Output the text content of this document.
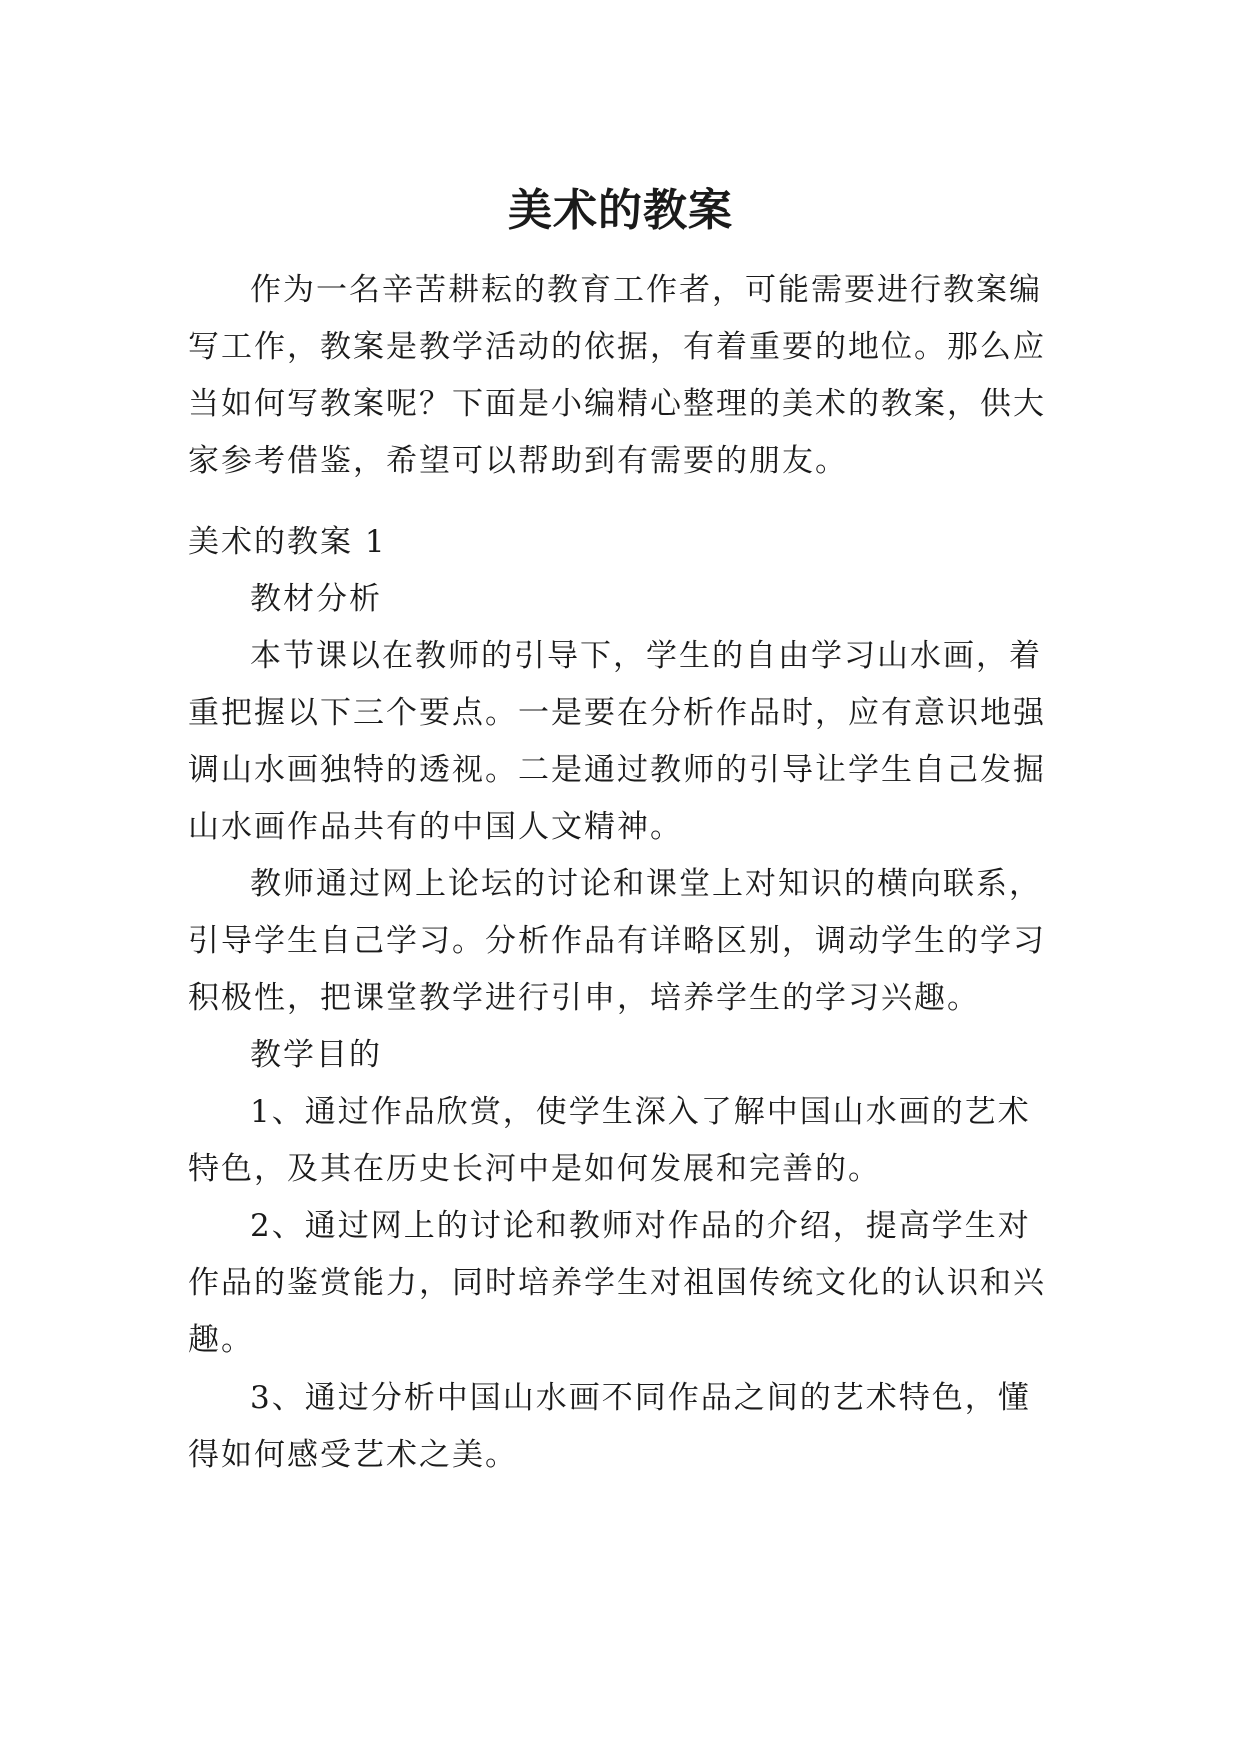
美术的教案

作为一名辛苦耕耘的教育工作者，可能需要进行教案编写工作，教案是教学活动的依据，有着重要的地位。那么应当如何写教案呢？下面是小编精心整理的美术的教案，供大家参考借鉴，希望可以帮助到有需要的朋友。

美术的教案 1

教材分析

本节课以在教师的引导下，学生的自由学习山水画，着重把握以下三个要点。一是要在分析作品时，应有意识地强调山水画独特的透视。二是通过教师的引导让学生自己发掘山水画作品共有的中国人文精神。

教师通过网上论坛的讨论和课堂上对知识的横向联系，引导学生自己学习。分析作品有详略区别，调动学生的学习积极性，把课堂教学进行引申，培养学生的学习兴趣。

教学目的

1、通过作品欣赏，使学生深入了解中国山水画的艺术特色，及其在历史长河中是如何发展和完善的。

2、通过网上的讨论和教师对作品的介绍，提高学生对作品的鉴赏能力，同时培养学生对祖国传统文化的认识和兴趣。

3、通过分析中国山水画不同作品之间的艺术特色，懂得如何感受艺术之美。
